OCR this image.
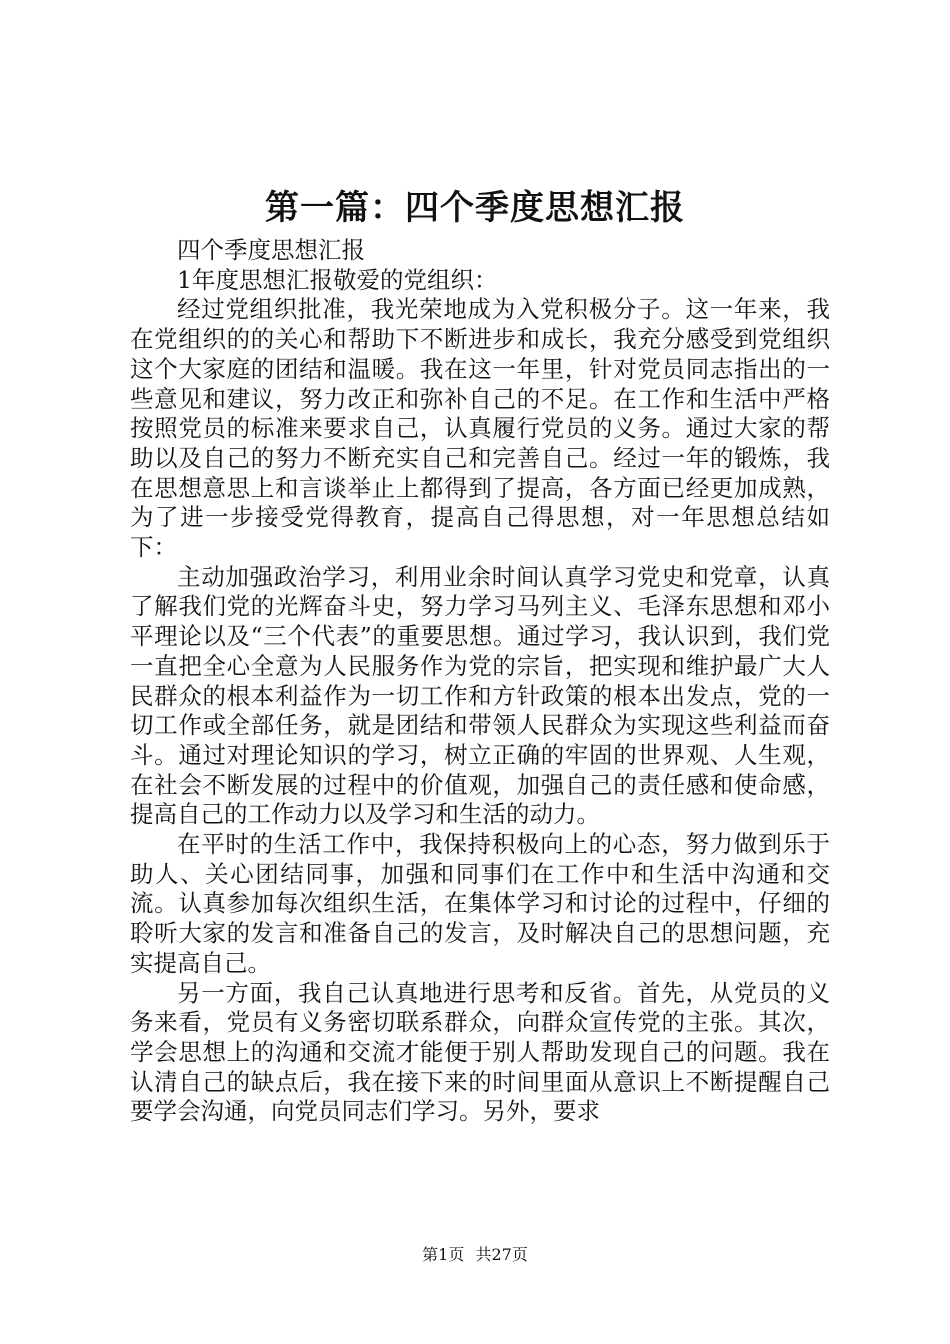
第一篇：四个季度思想汇报

四个季度思想汇报

1年度思想汇报敬爱的党组织：

经过党组织批准，我光荣地成为入党积极分子。这一年来，我在党组织的的关心和帮助下不断进步和成长，我充分感受到党组织这个大家庭的团结和温暖。我在这一年里，针对党员同志指出的一些意见和建议，努力改正和弥补自己的不足。在工作和生活中严格按照党员的标准来要求自己，认真履行党员的义务。通过大家的帮助以及自己的努力不断充实自己和完善自己。经过一年的锻炼，我在思想意思上和言谈举止上都得到了提高，各方面已经更加成熟，为了进一步接受党得教育，提高自己得思想，对一年思想总结如下：

主动加强政治学习，利用业余时间认真学习党史和党章，认真了解我们党的光辉奋斗史，努力学习马列主义、毛泽东思想和邓小平理论以及“三个代表”的重要思想。通过学习，我认识到，我们党一直把全心全意为人民服务作为党的宗旨，把实现和维护最广大人民群众的根本利益作为一切工作和方针政策的根本出发点，党的一切工作或全部任务，就是团结和带领人民群众为实现这些利益而奋斗。通过对理论知识的学习，树立正确的牢固的世界观、人生观，在社会不断发展的过程中的价值观，加强自己的责任感和使命感，提高自己的工作动力以及学习和生活的动力。

在平时的生活工作中，我保持积极向上的心态，努力做到乐于助人、关心团结同事，加强和同事们在工作中和生活中沟通和交流。认真参加每次组织生活，在集体学习和讨论的过程中，仔细的聆听大家的发言和准备自己的发言，及时解决自己的思想问题，充实提高自己。

另一方面，我自己认真地进行思考和反省。首先，从党员的义务来看，党员有义务密切联系群众，向群众宣传党的主张。其次，学会思想上的沟通和交流才能便于别人帮助发现自己的问题。我在认清自己的缺点后，我在接下来的时间里面从意识上不断提醒自己要学会沟通，向党员同志们学习。另外，要求

第1页 共27页
